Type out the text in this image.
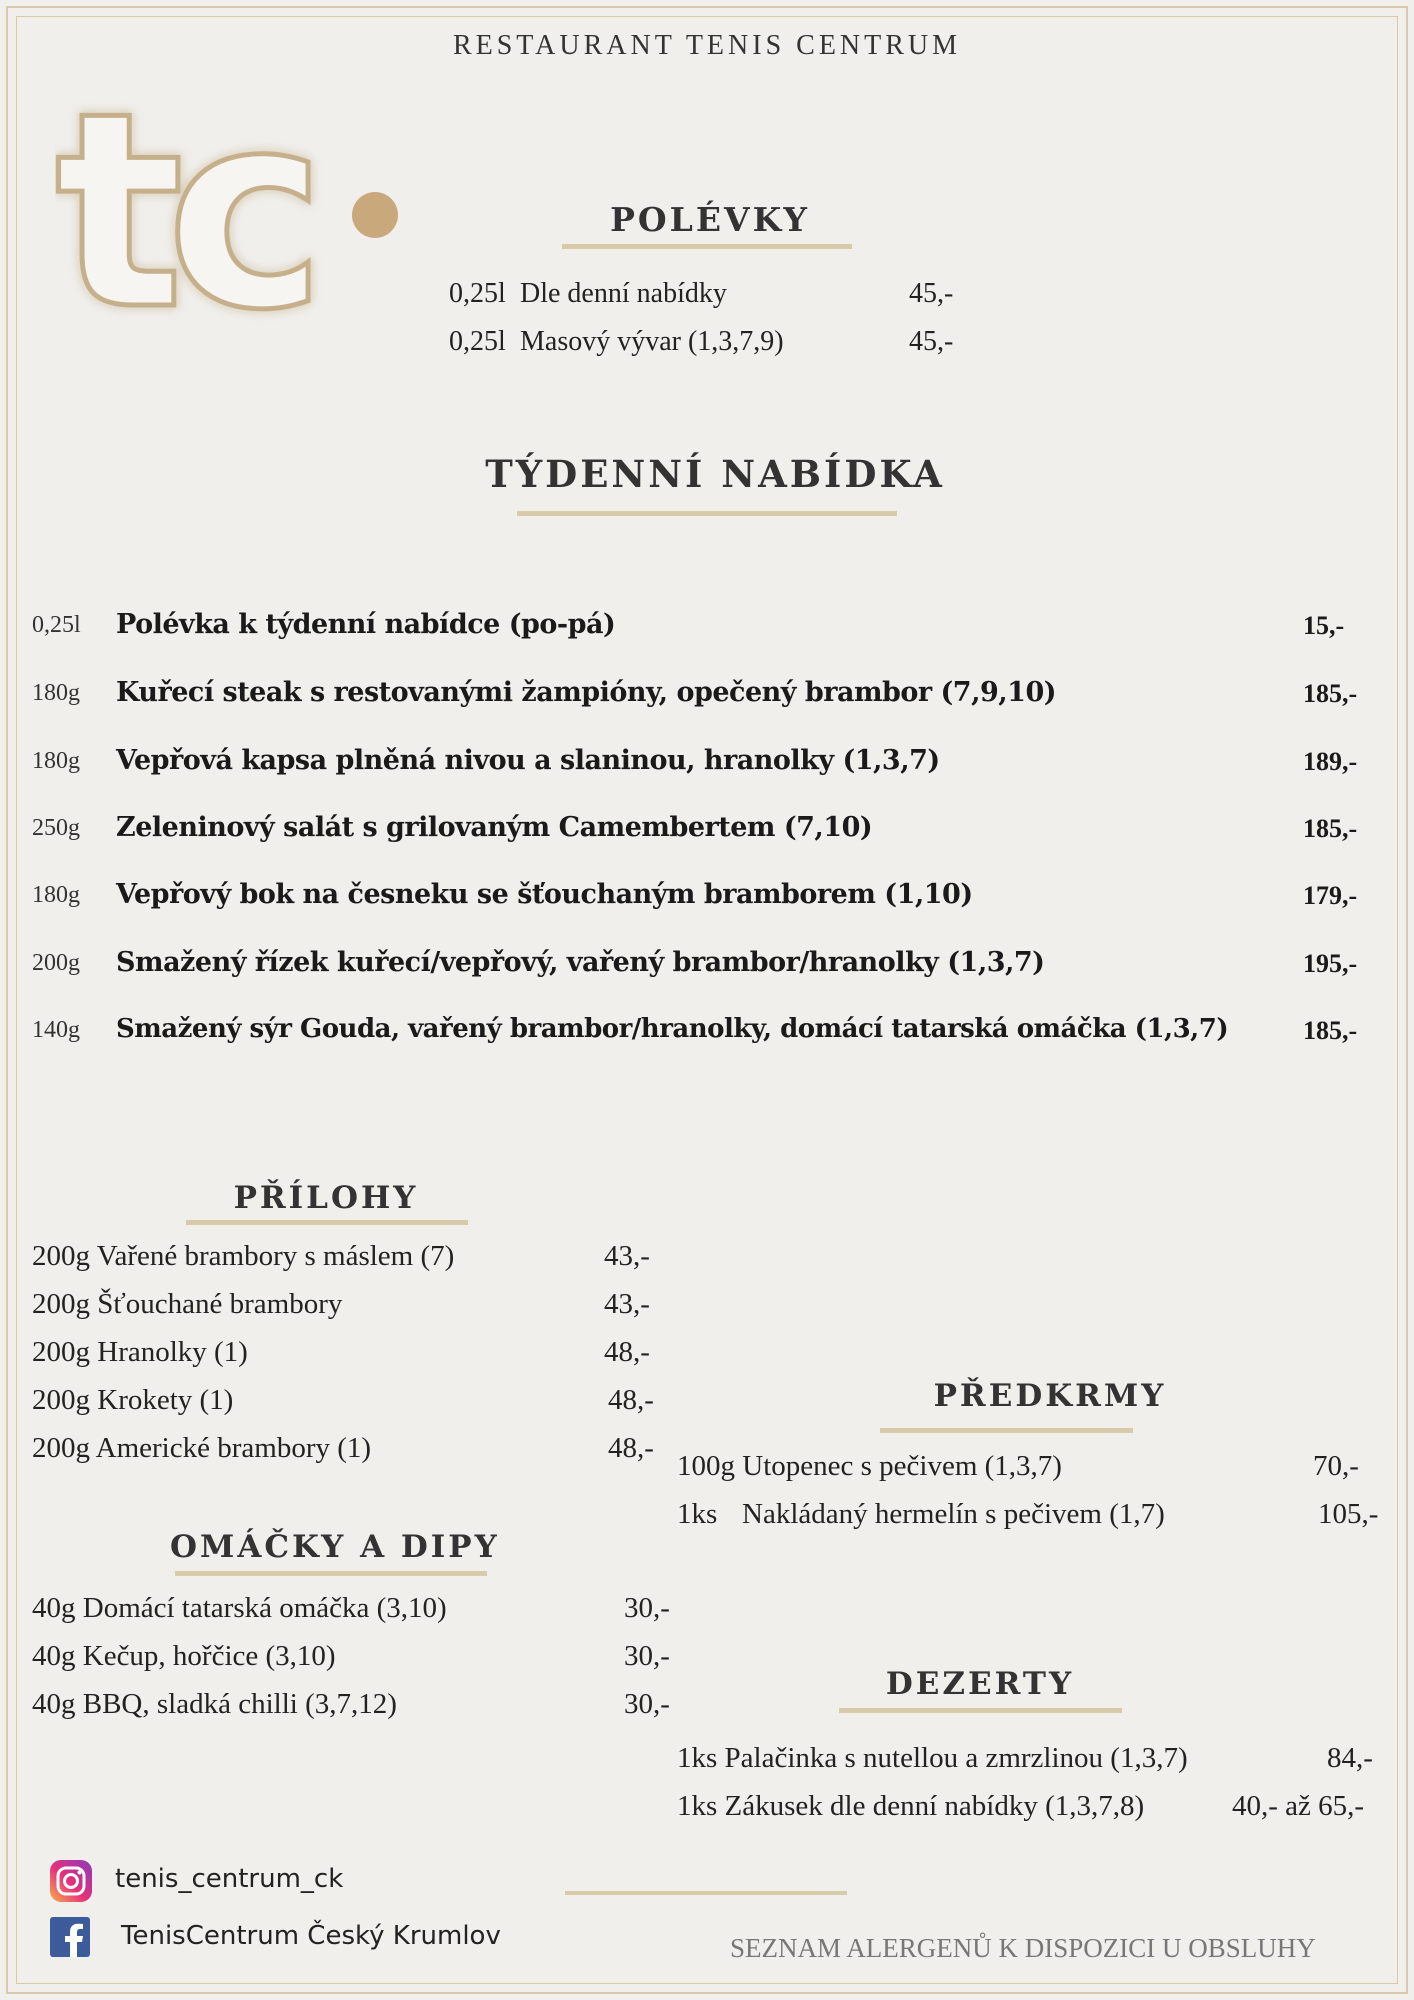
RESTAURANT TENIS CENTRUM
tc	POLÉVKY
0,25l Dle denní nabídky	45,-
0,25l Masový vývar (1,3,7,9)	45,-
TÝDENNÍ NABÍDKA
0,25l Polévka k týdenní nabídce (po-pá)	15,-
180g Kuřecí steak s restovanými žampióny, opečený brambor (7,9,10)	185,-
180g Vepřová kapsa plněná nivou a slaninou, hranolky (1,3,7)	189,-
250g Zeleninový salát s grilovaným Camembertem (7,10)	185,-
180g Vepřový bok na česneku se šťouchaným bramborem (1,10)	179,-
200g Smažený řízek kuřecí/vepřový, vařený brambor/hranolky (1,3,7)	195,-
140g Smažený sýr Gouda, vařený brambor/hranolky, domácí tatarská omáčka (1,3,7)	185,-
PŘÍLOHY
200g Vařené brambory s máslem (7)	43,-
200g Šťouchané brambory	43,-
200g Hranolky (1)	48,-
200g Krokety (1)	48,-
200g Americké brambory (1)	48,-
OMÁČKY A DIPY
40g Domácí tatarská omáčka (3,10)	30,-
40g Kečup, hořčice (3,10)	30,-
40g BBQ, sladká chilli (3,7,12)	30,-
PŘEDKRMY
100g Utopenec s pečivem (1,3,7)	70,-
1ks Nakládaný hermelín s pečivem (1,7)	105,-
DEZERTY
1ks Palačinka s nutellou a zmrzlinou (1,3,7)	84,-
1ks Zákusek dle denní nabídky (1,3,7,8)	40,- až 65,-
tenis_centrum_ck
TenisCentrum Český Krumlov	SEZNAM ALERGENŮ K DISPOZICI U OBSLUHY
